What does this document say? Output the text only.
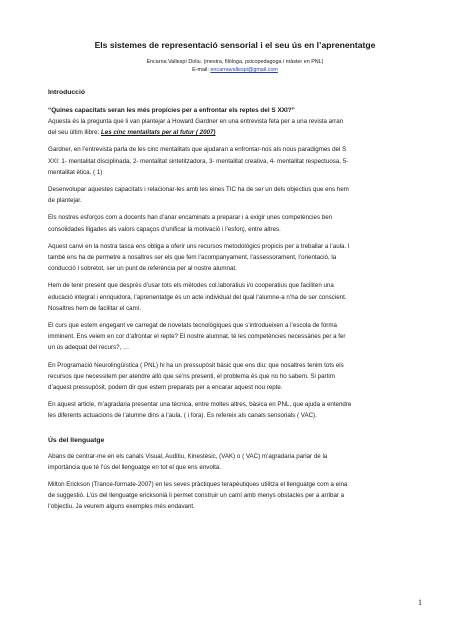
Els sistemes de representació sensorial i el seu ús en l’aprenentatge

Encarna Vallespí Doliu. (mestra, filòloga, psicopedagoga i màster en PNL)

E-mail: encarnavallespi@gmail.com

Introducció

“Quines capacitats seran les més propícies per a enfrontar els reptes del S XXI?”

Aquesta és la pregunta que li van plantejar a Howard Gardner en una entrevista feta per a una revista arran
del seu últim llibre: Les cinc mentalitats per al futur ( 2007)

Gardner, en l’entrevista parla de les cinc mentalitats que ajudaran a enfrontar-nos als nous paradigmes del S
XXI: 1- mentalitat disciplinada, 2- mentalitat sintetitzadora, 3- mentalitat creativa, 4- mentalitat respectuosa, 5-
mentalitat ètica. ( 1)

Desenvolupar aquestes capacitats i relacionar-les amb les eines TIC ha de ser un dels objectius que ens hem
de plantejar.

Els nostres esforços com a docents han d’anar encaminats a preparar i a exigir unes competències ben
consolidades lligades als valors capaços d’unificar la motivació i l’esforç, entre altres.

Aquest canvi en la nostra tasca ens obliga a oferir uns recursos metodològics propicis per a treballar a l’aula. I
també ens ha de permetre a nosaltres ser els que fem l’acompanyament, l’assessorament, l’orientació, la
conducció i sobretot, ser un punt de referència per al nostre alumnat.

Hem de tenir present que desprès d’usar tots els mètodes col.laboratius i/o cooperatius que faciliten una
educació integral i enriquidora, l’aprenentatge és un acte individual del qual l’alumne-a n’ha de ser conscient.
Nosaltres hem de facilitar el camí.

El curs que estem engegant ve carregat de novetats tecnològiques que s’introdueixen a l’escola de forma
imminent. Ens veiem en cor d’afrontar el repte? El nostre alumnat, té les competències necessàries per a fer
un ús adequat del recurs?, …

En Programació Neurolingüística ( PNL) hi ha un pressupòsit bàsic que ens diu: que nosaltres tenim tots els
recursos que necessitem per atendre allò que se’ns presenti, el problema és que no ho sabem. Si partim
d’aquest pressupòsit, podem dir que estem preparats per a encarar aquest nou repte.

En aquest article, m’agradaria presentar una tècnica, entre moltes altres, bàsica en PNL, que ajuda a entendre
les diferents actuacions de l’alumne dins a l’aula, ( i fora). Es refereix als canals sensorials ( VAC).

Ús del llenguatge

Abans de centrar-me en els canals Visual, Auditiu, Kinestèsic, (VAK) o ( VAC) m’agradaria parlar de la
importància que té l’ús del llenguatge en tot el que ens envolta.

Milton Erickson (Trance-formate-2007) en les seves pràctiques terapèutiques utilitza el llenguatge com a eina
de suggestió. L’ús del llenguatge ericksonià li permet construir un camí amb menys obstacles per a arribar a
l’objectiu. Ja veurem alguns exemples més endavant.

1
